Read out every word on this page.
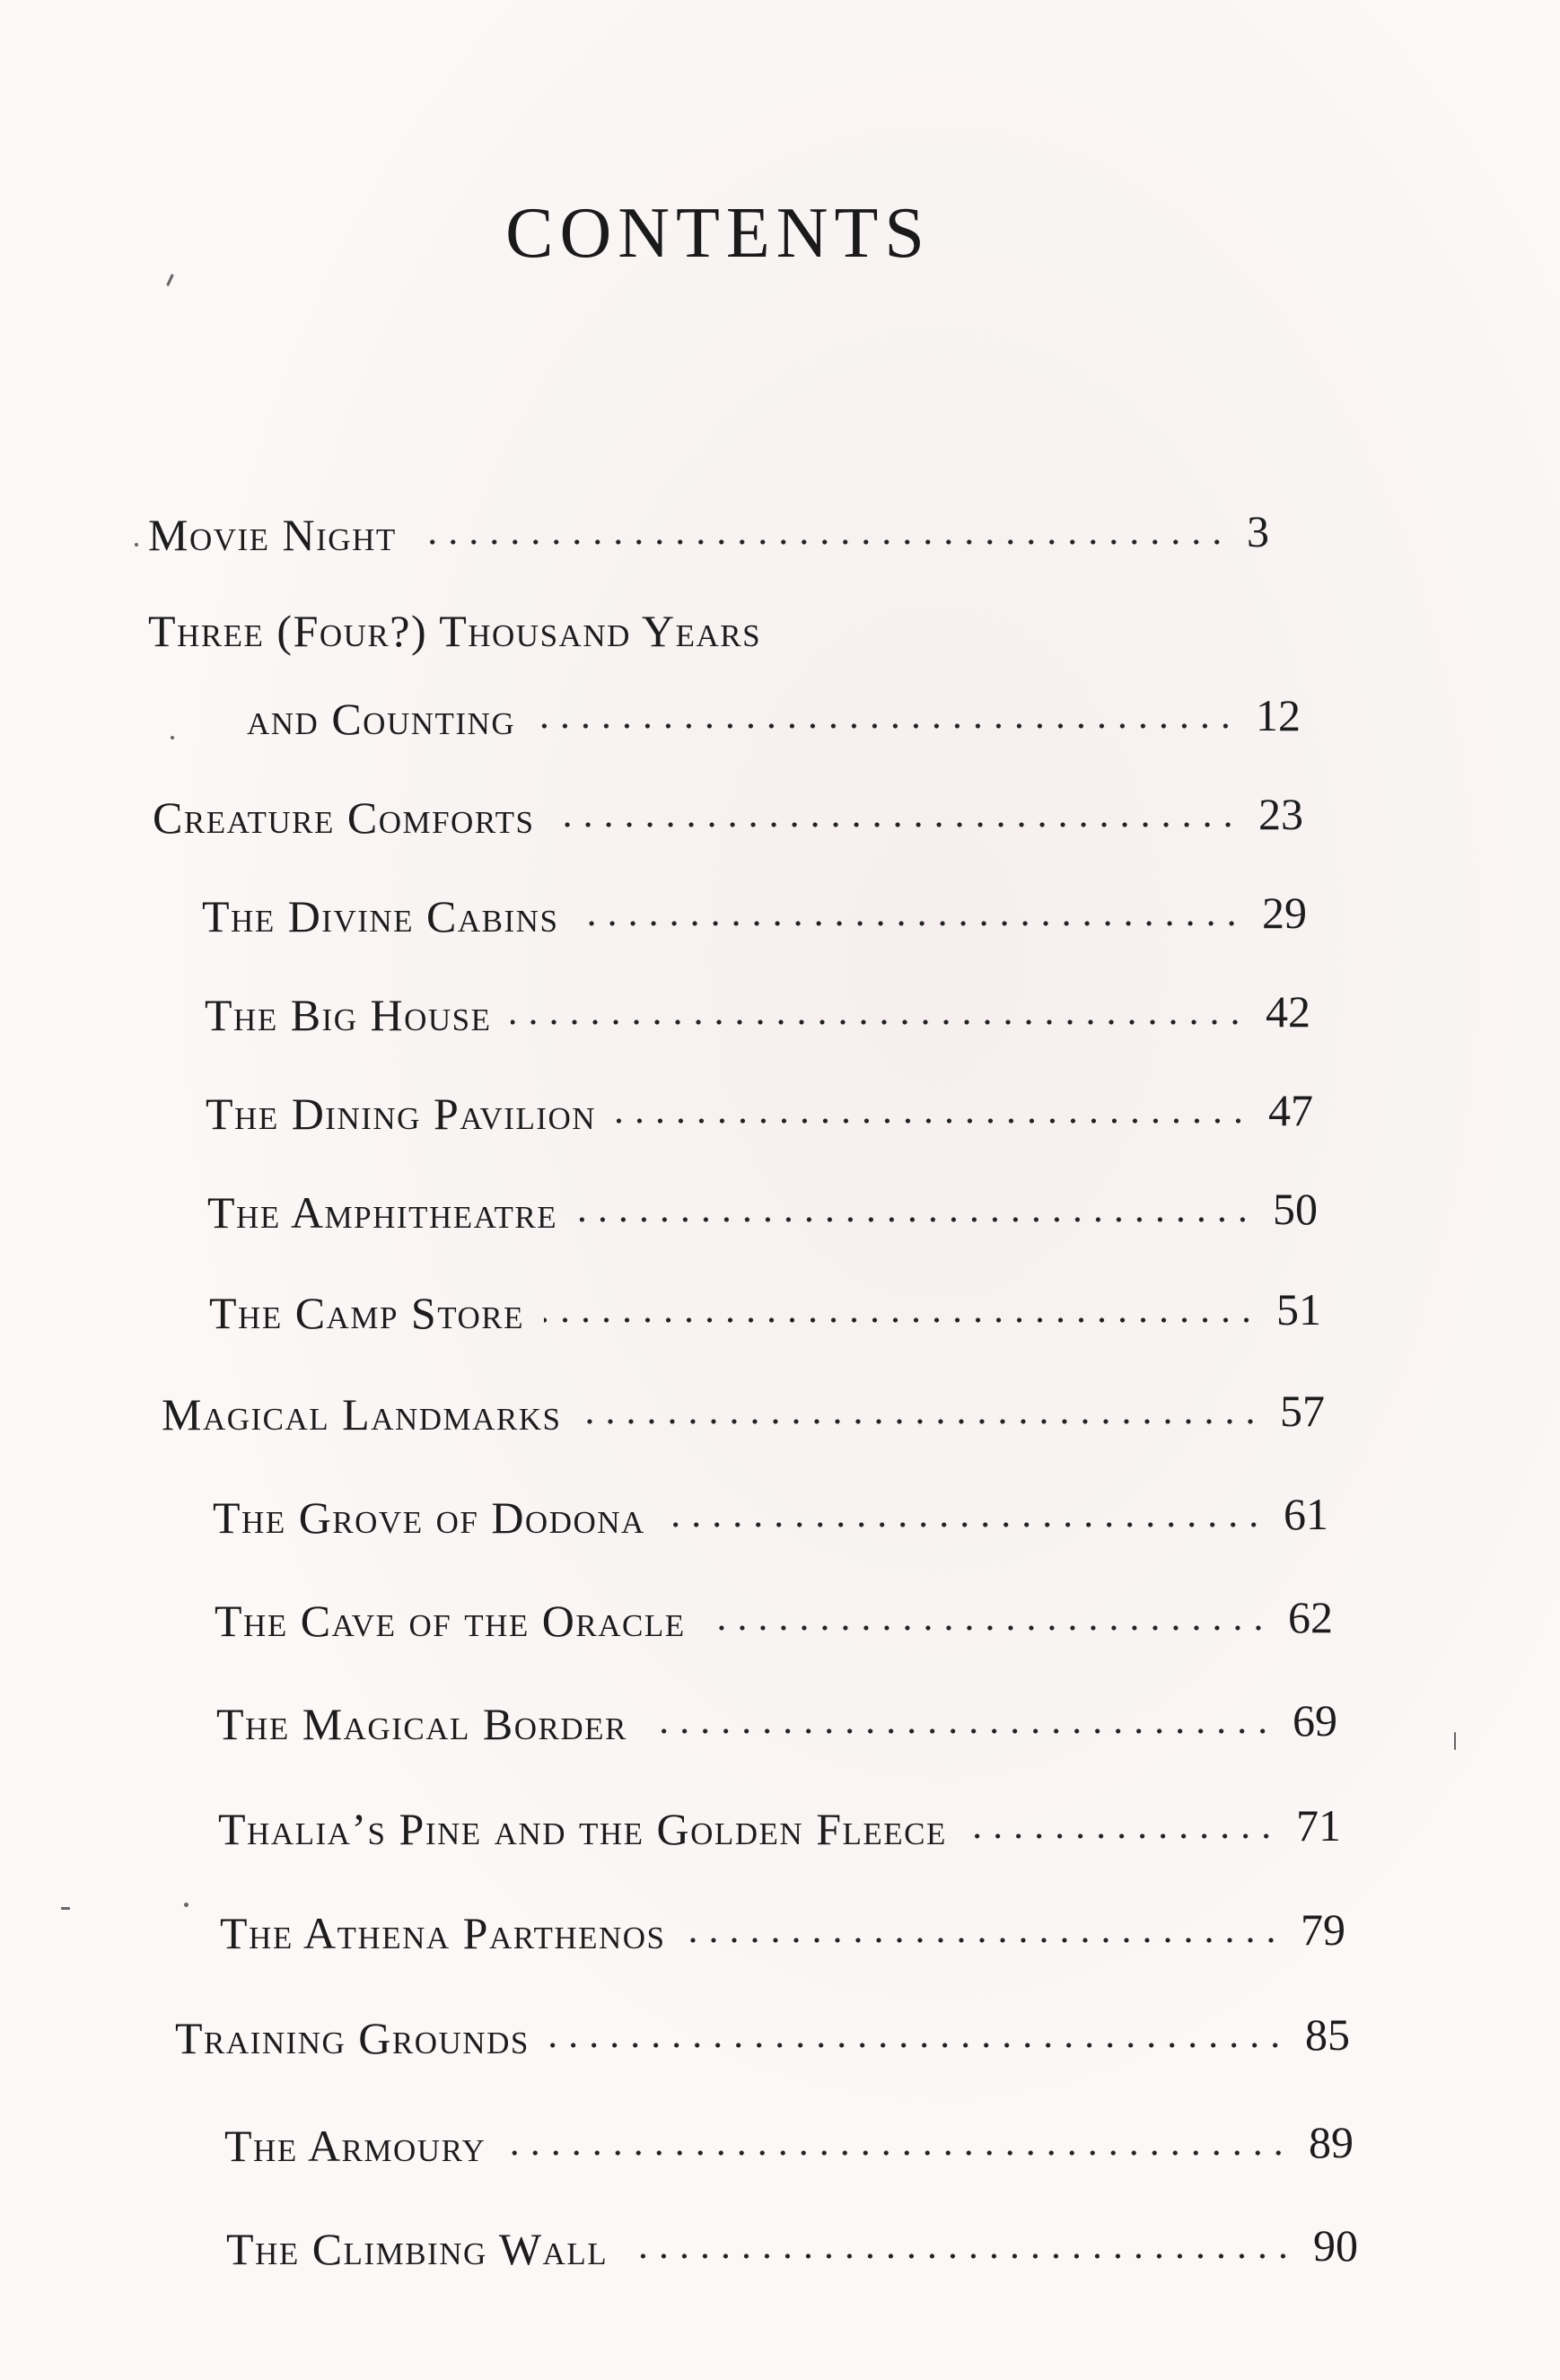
CONTENTS
Movie Night	3
Three (Four?) Thousand Years
and Counting	12
Creature Comforts	23
The Divine Cabins	29
The Big House	42
The Dining Pavilion	47
The Amphitheatre	50
The Camp Store	51
Magical Landmarks	57
The Grove of Dodona	61
The Cave of the Oracle	62
The Magical Border	69
Thalia’s Pine and the Golden Fleece	71
The Athena Parthenos	79
Training Grounds	85
The Armoury	89
The Climbing Wall	90
